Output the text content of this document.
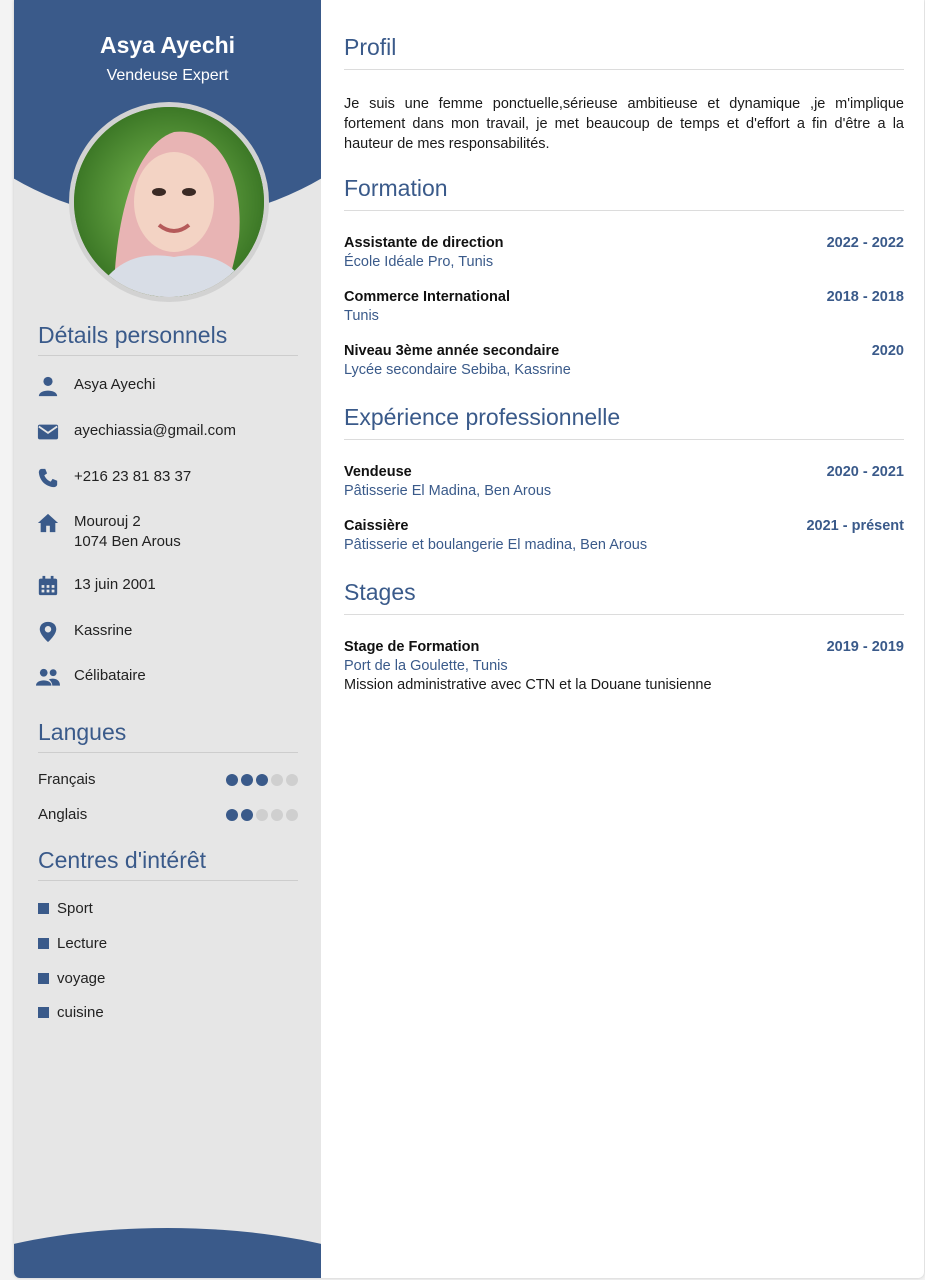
Asya Ayechi
Vendeuse Expert
Détails personnels
Asya Ayechi
ayechiassia@gmail.com
+216 23 81 83 37
Mourouj 2
1074 Ben Arous
13 juin 2001
Kassrine
Célibataire
Langues
Français
Anglais
Centres d'intérêt
Sport
Lecture
voyage
cuisine
Profil
Je suis une femme ponctuelle,sérieuse ambitieuse et dynamique ,je m'implique fortement dans mon travail, je met beaucoup de temps et d'effort a fin d'être a la hauteur de mes responsabilités.
Formation
Assistante de direction	2022 - 2022
École Idéale Pro, Tunis
Commerce International	2018 - 2018
Tunis
Niveau 3ème année secondaire	2020
Lycée secondaire Sebiba, Kassrine
Expérience professionnelle
Vendeuse	2020 - 2021
Pâtisserie El Madina, Ben Arous
Caissière	2021 - présent
Pâtisserie et boulangerie El madina, Ben Arous
Stages
Stage de Formation	2019 - 2019
Port de la Goulette, Tunis
Mission administrative avec CTN et la Douane tunisienne
